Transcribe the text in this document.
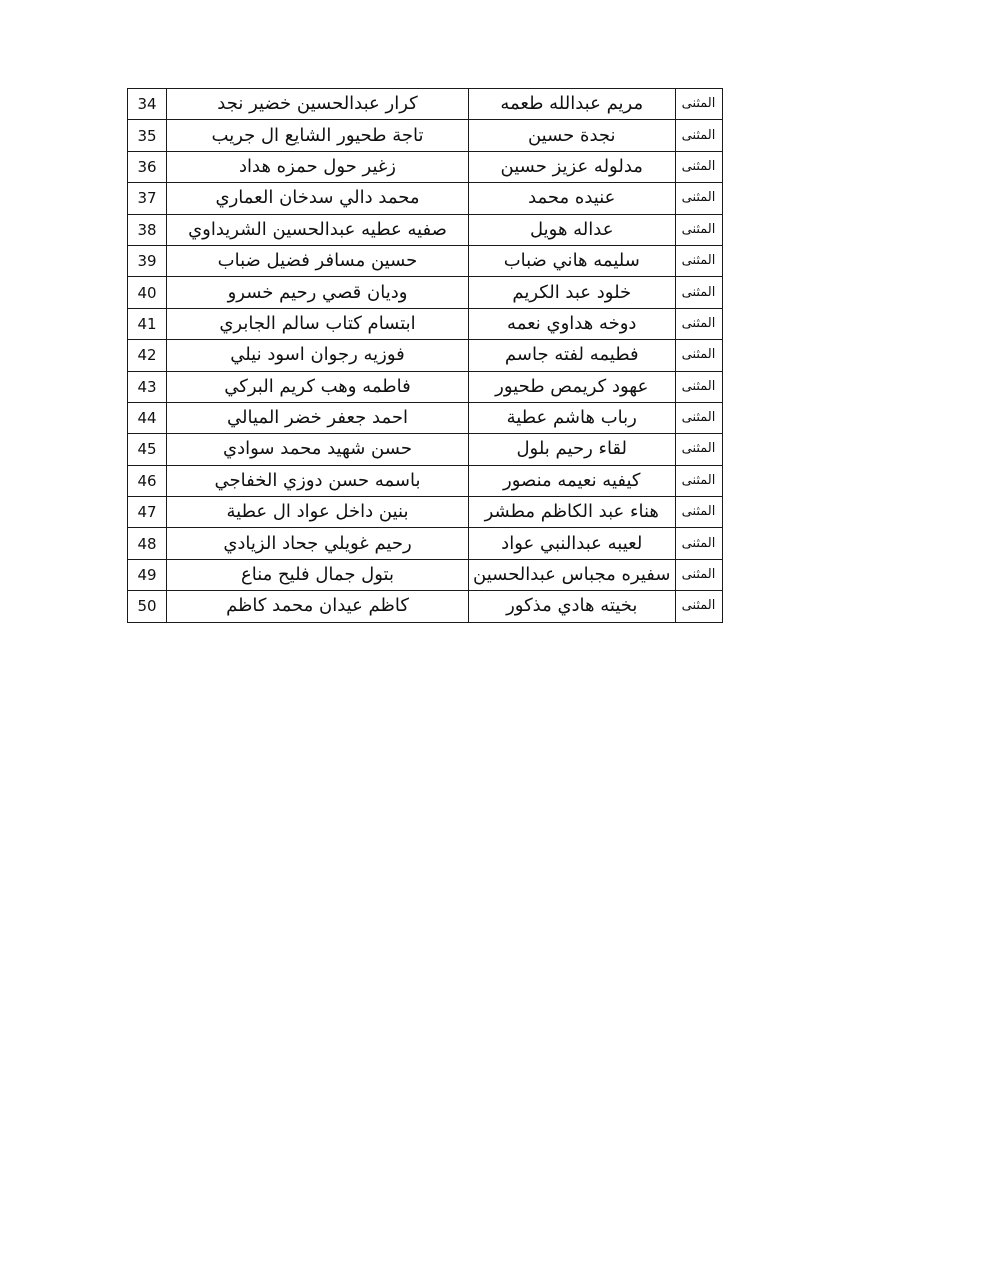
34	كرار عبدالحسين خضير نجد	مريم عبدالله طعمه	المثنى
35	تاجة طحيور الشايع ال جريب	نجدة حسين	المثنى
36	زغير حول حمزه هداد	مدلوله عزيز حسين	المثنى
37	محمد دالي سدخان العماري	عنيده محمد	المثنى
38	صفيه عطيه عبدالحسين الشريداوي	عداله هويل	المثنى
39	حسين مسافر فضيل ضباب	سليمه هاني ضباب	المثنى
40	وديان قصي رحيم خسرو	خلود عبد الكريم	المثنى
41	ابتسام كتاب سالم الجابري	دوخه هداوي نعمه	المثنى
42	فوزيه رجوان اسود نيلي	فطيمه لفته جاسم	المثنى
43	فاطمه وهب كريم البركي	عهود كريمص طحيور	المثنى
44	احمد جعفر خضر الميالي	رباب هاشم عطية	المثنى
45	حسن شهيد محمد سوادي	لقاء رحيم بلول	المثنى
46	باسمه حسن دوزي الخفاجي	كيفيه نعيمه منصور	المثنى
47	بنين داخل عواد ال عطية	هناء عبد الكاظم مطشر	المثنى
48	رحيم غويلي جحاد الزيادي	لعيبه عبدالنبي عواد	المثنى
49	بتول جمال فليح مناع	سفيره مجباس عبدالحسين	المثنى
50	كاظم عيدان محمد كاظم	بخيته هادي مذكور	المثنى
